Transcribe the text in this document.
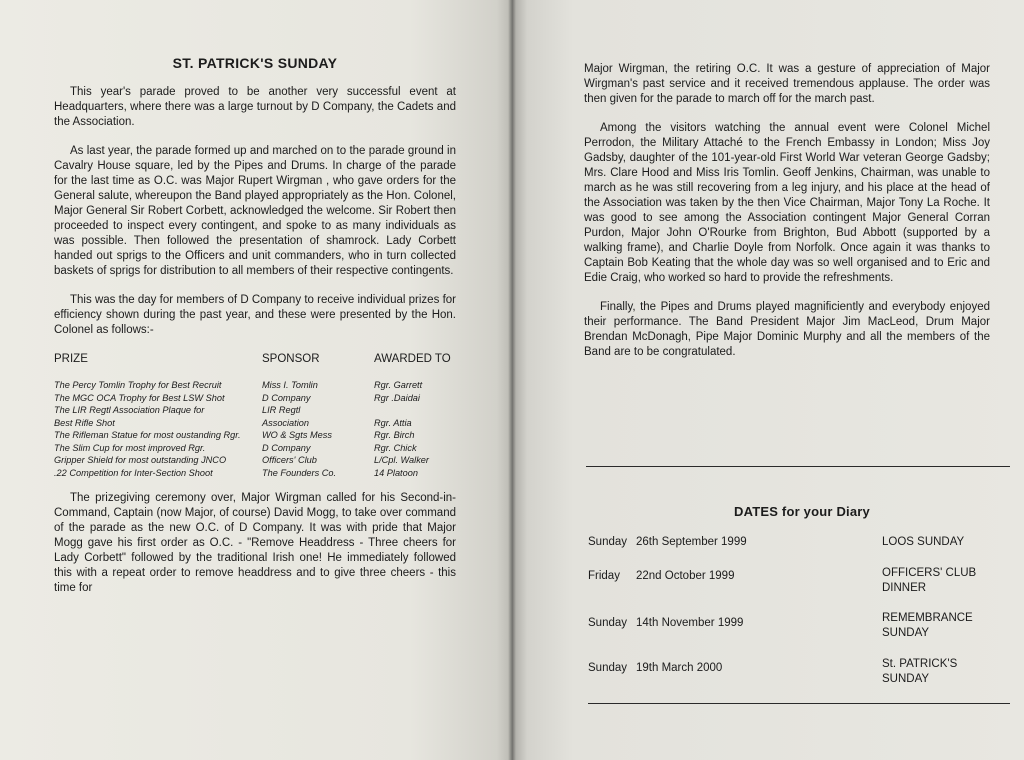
ST. PATRICK'S SUNDAY

This year's parade proved to be another very successful event at Headquarters, where there was a large turnout by D Company, the Cadets and the Association.

As last year, the parade formed up and marched on to the parade ground in Cavalry House square, led by the Pipes and Drums. In charge of the parade for the last time as O.C. was Major Rupert Wirgman , who gave orders for the General salute, whereupon the Band played appropriately as the Hon. Colonel, Major General Sir Robert Corbett, acknowledged the welcome. Sir Robert then proceeded to inspect every contingent, and spoke to as many individuals as was possible. Then followed the presentation of shamrock. Lady Corbett handed out sprigs to the Officers and unit commanders, who in turn collected baskets of sprigs for distribution to all members of their respective contingents.

This was the day for members of D Company to receive individual prizes for efficiency shown during the past year, and these were presented by the Hon. Colonel as follows:-

PRIZE	SPONSOR	AWARDED TO
The Percy Tomlin Trophy for Best Recruit	Miss I. Tomlin	Rgr. Garrett
The MGC OCA Trophy for Best LSW Shot	D Company	Rgr .Daidai
The LIR Regtl Association Plaque for	LIR Regtl
Best Rifle Shot	Association	Rgr. Attia
The Rifleman Statue for most oustanding Rgr.	WO & Sgts Mess	Rgr. Birch
The Slim Cup for most improved Rgr.	D Company	Rgr. Chick
Gripper Shield for most outstanding JNCO	Officers' Club	L/Cpl. Walker
.22 Competition for Inter-Section Shoot	The Founders Co.	14 Platoon

The prizegiving ceremony over, Major Wirgman called for his Second-in-Command, Captain (now Major, of course) David Mogg, to take over command of the parade as the new O.C. of D Company. It was with pride that Major Mogg gave his first order as O.C. - "Remove Headdress - Three cheers for Lady Corbett" followed by the traditional Irish one! He immediately followed this with a repeat order to remove headdress and to give three cheers - this time for

Major Wirgman, the retiring O.C. It was a gesture of appreciation of Major Wirgman's past service and it received tremendous applause. The order was then given for the parade to march off for the march past.

Among the visitors watching the annual event were Colonel Michel Perrodon, the Military Attaché to the French Embassy in London; Miss Joy Gadsby, daughter of the 101-year-old First World War veteran George Gadsby; Mrs. Clare Hood and Miss Iris Tomlin. Geoff Jenkins, Chairman, was unable to march as he was still recovering from a leg injury, and his place at the head of the Association was taken by the then Vice Chairman, Major Tony La Roche. It was good to see among the Association contingent Major General Corran Purdon, Major John O'Rourke from Brighton, Bud Abbott (supported by a walking frame), and Charlie Doyle from Norfolk. Once again it was thanks to Captain Bob Keating that the whole day was so well organised and to Eric and Edie Craig, who worked so hard to provide the refreshments.

Finally, the Pipes and Drums played magnificiently and everybody enjoyed their performance. The Band President Major Jim MacLeod, Drum Major Brendan McDonagh, Pipe Major Dominic Murphy and all the members of the Band are to be congratulated.

DATES for your Diary
Sunday 26th September 1999	LOOS SUNDAY
Friday 22nd October 1999	OFFICERS' CLUB DINNER
Sunday 14th November 1999	REMEMBRANCE SUNDAY
Sunday 19th March 2000	St. PATRICK'S SUNDAY
